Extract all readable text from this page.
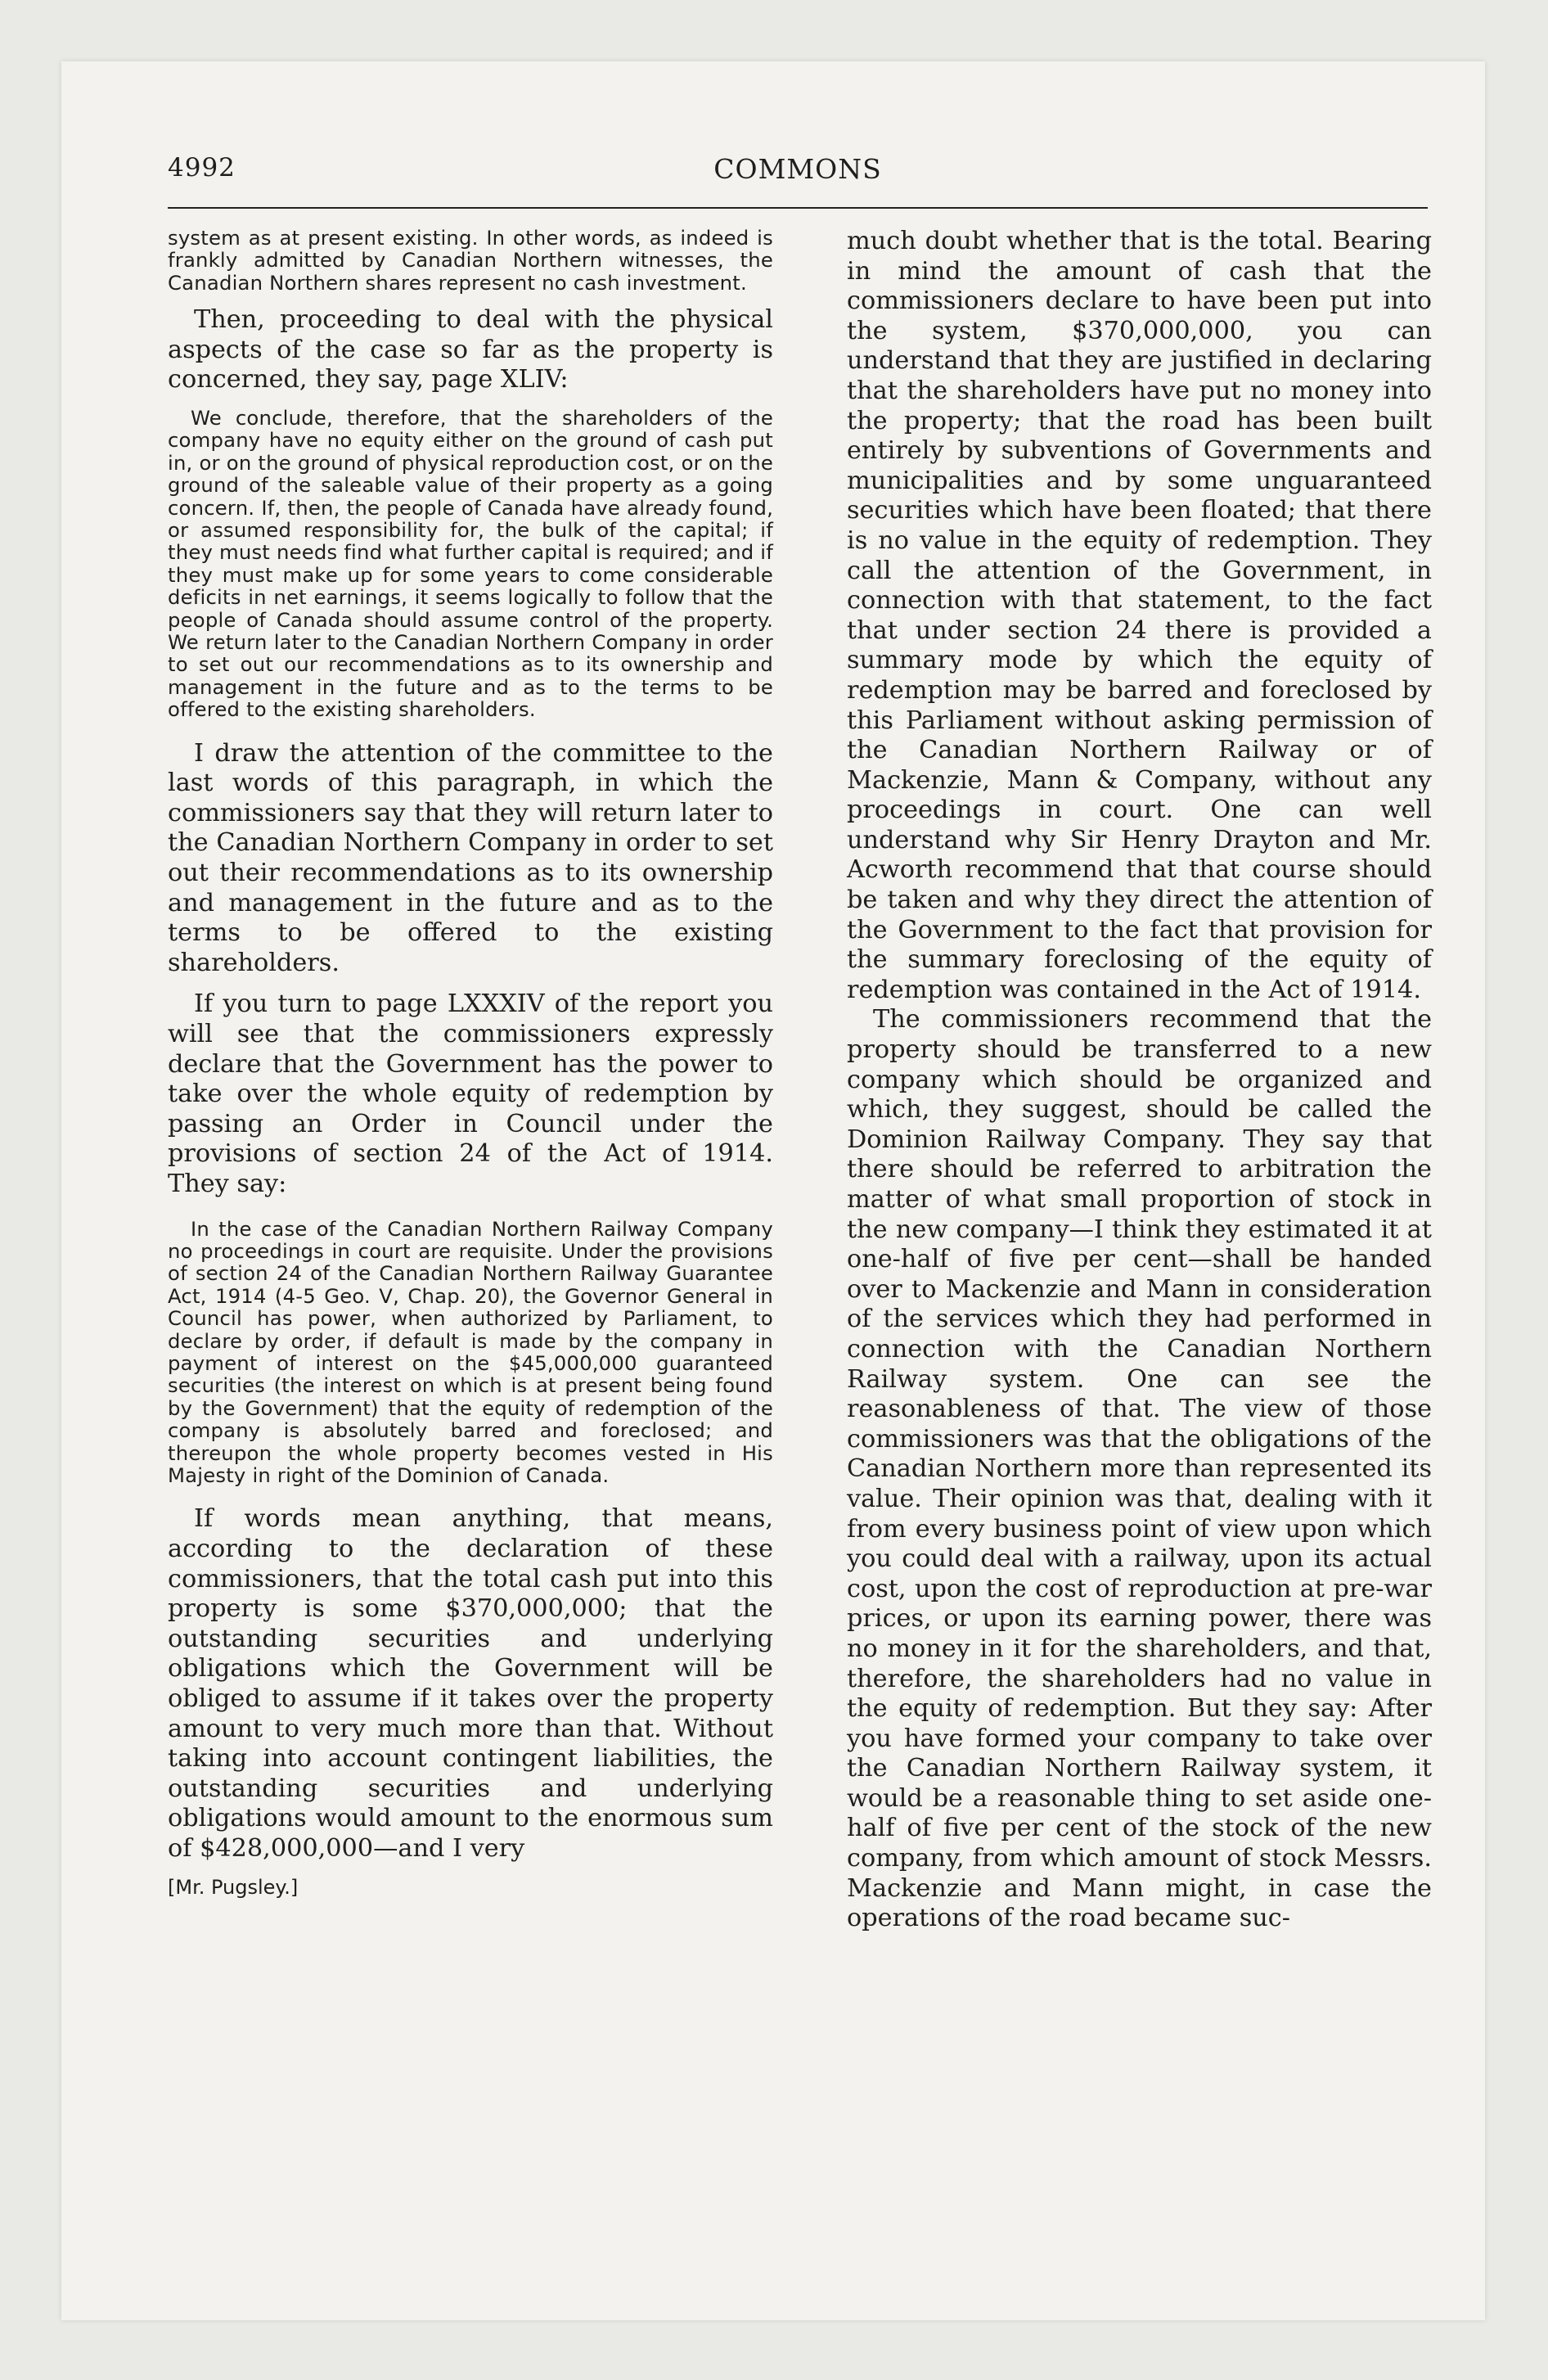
4992	COMMONS

system as at present existing. In other words, as indeed is frankly admitted by Canadian Northern witnesses, the Canadian Northern shares represent no cash investment.

Then, proceeding to deal with the physical aspects of the case so far as the property is concerned, they say, page XLIV:

We conclude, therefore, that the shareholders of the company have no equity either on the ground of cash put in, or on the ground of physical reproduction cost, or on the ground of the saleable value of their property as a going concern. If, then, the people of Canada have already found, or assumed responsibility for, the bulk of the capital; if they must needs find what further capital is required; and if they must make up for some years to come considerable deficits in net earnings, it seems logically to follow that the people of Canada should assume control of the property. We return later to the Canadian Northern Company in order to set out our recommendations as to its ownership and management in the future and as to the terms to be offered to the existing shareholders.

I draw the attention of the committee to the last words of this paragraph, in which the commissioners say that they will return later to the Canadian Northern Company in order to set out their recommendations as to its ownership and management in the future and as to the terms to be offered to the existing shareholders.

If you turn to page LXXXIV of the report you will see that the commissioners expressly declare that the Government has the power to take over the whole equity of redemption by passing an Order in Council under the provisions of section 24 of the Act of 1914. They say:

In the case of the Canadian Northern Railway Company no proceedings in court are requisite. Under the provisions of section 24 of the Canadian Northern Railway Guarantee Act, 1914 (4-5 Geo. V, Chap. 20), the Governor General in Council has power, when authorized by Parliament, to declare by order, if default is made by the company in payment of interest on the $45,000,000 guaranteed securities (the interest on which is at present being found by the Government) that the equity of redemption of the company is absolutely barred and foreclosed; and thereupon the whole property becomes vested in His Majesty in right of the Dominion of Canada.

If words mean anything, that means, according to the declaration of these commissioners, that the total cash put into this property is some $370,000,000; that the outstanding securities and underlying obligations which the Government will be obliged to assume if it takes over the property amount to very much more than that. Without taking into account contingent liabilities, the outstanding securities and underlying obligations would amount to the enormous sum of $428,000,000—and I very

[Mr. Pugsley.]

much doubt whether that is the total. Bearing in mind the amount of cash that the commissioners declare to have been put into the system, $370,000,000, you can understand that they are justified in declaring that the shareholders have put no money into the property; that the road has been built entirely by subventions of Governments and municipalities and by some unguaranteed securities which have been floated; that there is no value in the equity of redemption. They call the attention of the Government, in connection with that statement, to the fact that under section 24 there is provided a summary mode by which the equity of redemption may be barred and foreclosed by this Parliament without asking permission of the Canadian Northern Railway or of Mackenzie, Mann & Company, without any proceedings in court. One can well understand why Sir Henry Drayton and Mr. Acworth recommend that that course should be taken and why they direct the attention of the Government to the fact that provision for the summary foreclosing of the equity of redemption was contained in the Act of 1914.

The commissioners recommend that the property should be transferred to a new company which should be organized and which, they suggest, should be called the Dominion Railway Company. They say that there should be referred to arbitration the matter of what small proportion of stock in the new company—I think they estimated it at one-half of five per cent—shall be handed over to Mackenzie and Mann in consideration of the services which they had performed in connection with the Canadian Northern Railway system. One can see the reasonableness of that. The view of those commissioners was that the obligations of the Canadian Northern more than represented its value. Their opinion was that, dealing with it from every business point of view upon which you could deal with a railway, upon its actual cost, upon the cost of reproduction at pre-war prices, or upon its earning power, there was no money in it for the shareholders, and that, therefore, the shareholders had no value in the equity of redemption. But they say: After you have formed your company to take over the Canadian Northern Railway system, it would be a reasonable thing to set aside one-half of five per cent of the stock of the new company, from which amount of stock Messrs. Mackenzie and Mann might, in case the operations of the road became suc-
